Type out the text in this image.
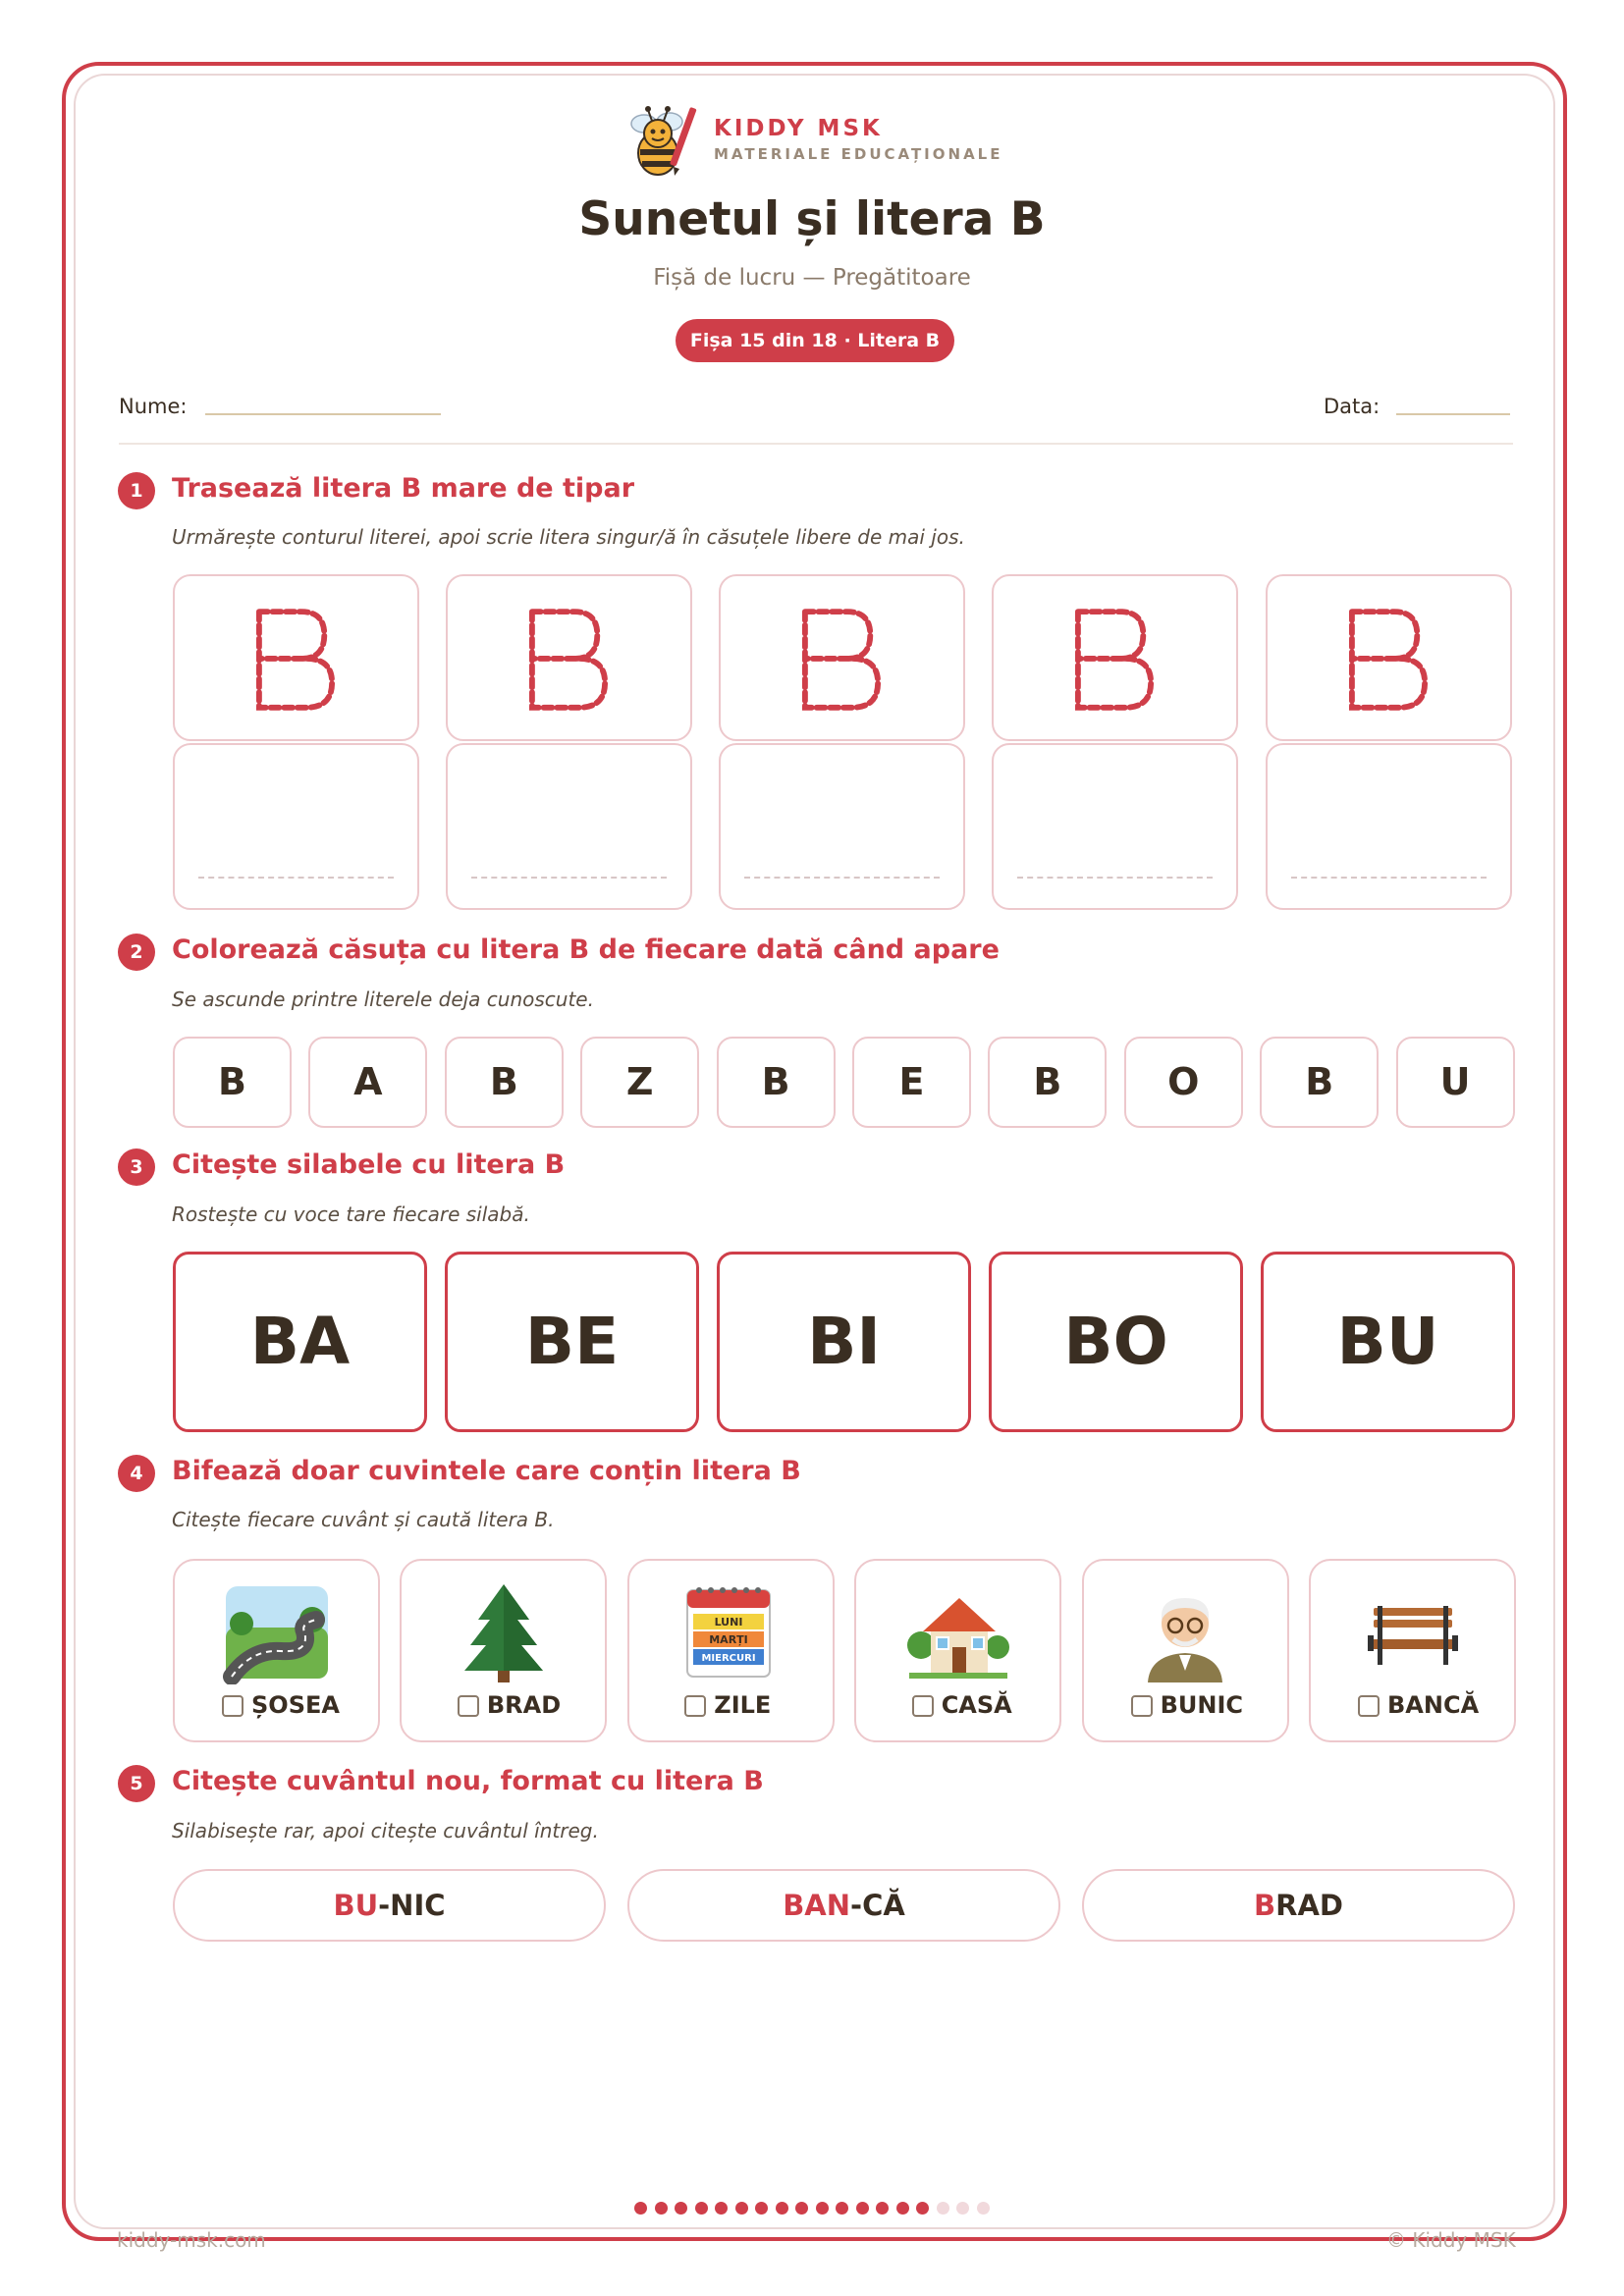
KIDDY MSK
MATERIALE EDUCAȚIONALE
Sunetul și litera B
Fișă de lucru — Pregătitoare
Fișa 15 din 18 · Litera B
Nume:	Data:
1	Trasează litera B mare de tipar
Urmărește conturul literei, apoi scrie litera singur/ă în căsuțele libere de mai jos.
2	Colorează căsuța cu litera B de fiecare dată când apare
Se ascunde printre literele deja cunoscute.
B	A	B	Z	B	E	B	O	B	U
3	Citește silabele cu litera B
Rostește cu voce tare fiecare silabă.
BA	BE	BI	BO	BU
4	Bifează doar cuvintele care conțin litera B
Citește fiecare cuvânt și caută litera B.
ȘOSEA	BRAD
LUNI
MARȚI
MIERCURI
ZILE	CASĂ	BUNIC	BANCĂ
5	Citește cuvântul nou, format cu litera B
Silabisește rar, apoi citește cuvântul întreg.
BU-NIC	BAN-CĂ	BRAD
kiddy-msk.com	© Kiddy MSK
